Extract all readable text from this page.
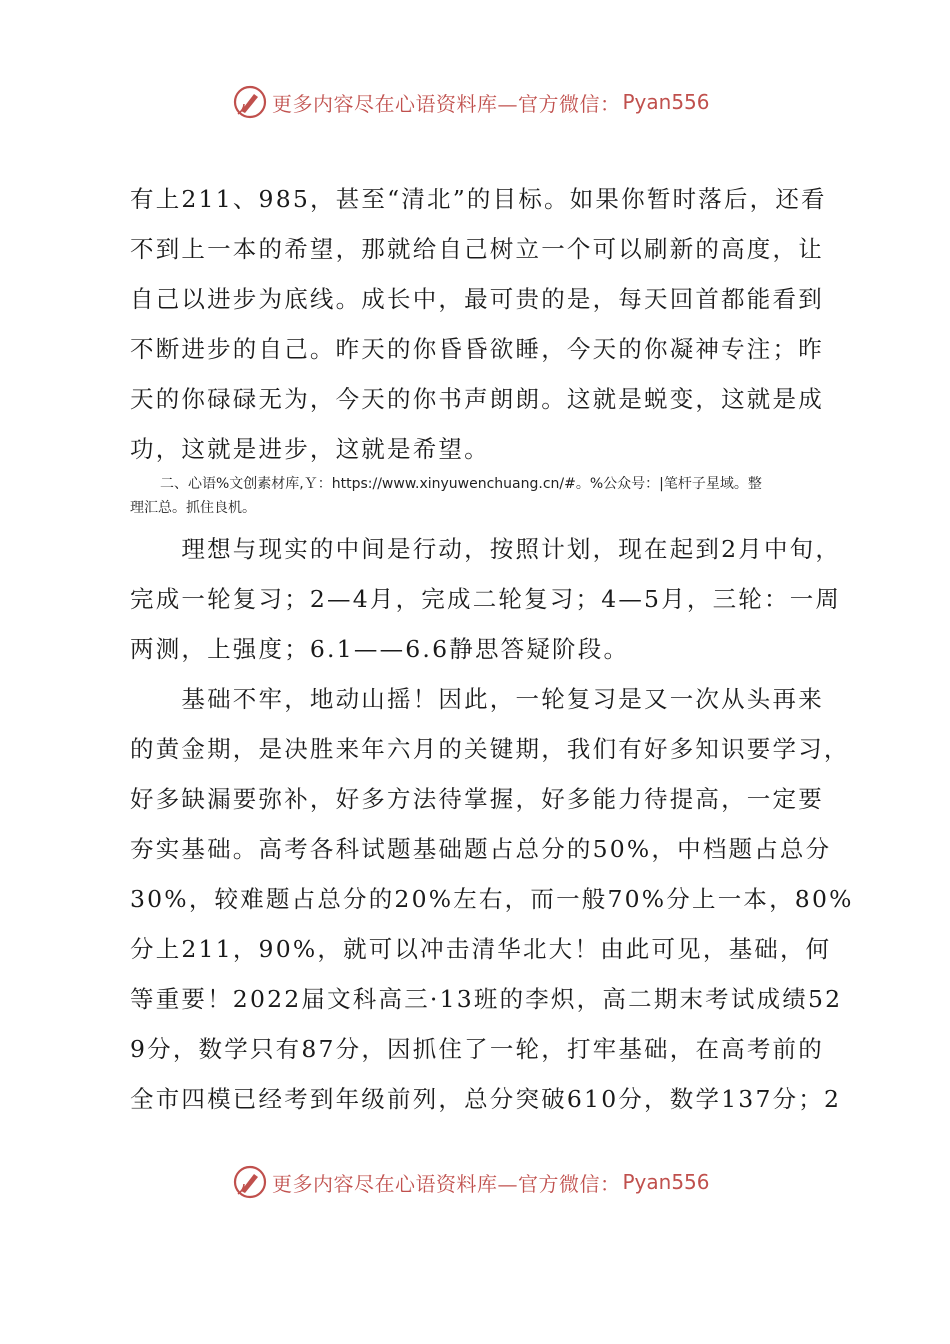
更多内容尽在心语资料库—官方微信： Pyan556
有上211、985，甚至“清北”的目标。如果你暂时落后，还看
不到上一本的希望，那就给自己树立一个可以刷新的高度，让
自己以进步为底线。成长中，最可贵的是，每天回首都能看到
不断进步的自己。昨天的你昏昏欲睡，今天的你凝神专注；昨
天的你碌碌无为，今天的你书声朗朗。这就是蜕变，这就是成
功，这就是进步，这就是希望。
二、心语%文创素材库,Ｙ：https://www.xinyuwenchuang.cn/#。%公众号：|笔杆子星域。整
理汇总。抓住良机。
　　理想与现实的中间是行动，按照计划，现在起到2月中旬，
完成一轮复习；2—4月，完成二轮复习；4—5月，三轮：一周
两测，上强度；6.1——6.6静思答疑阶段。
　　基础不牢，地动山摇！因此，一轮复习是又一次从头再来
的黄金期，是决胜来年六月的关键期，我们有好多知识要学习，
好多缺漏要弥补，好多方法待掌握，好多能力待提高，一定要
夯实基础。高考各科试题基础题占总分的50%，中档题占总分
30%，较难题占总分的20%左右，而一般70%分上一本，80%
分上211，90%，就可以冲击清华北大！由此可见，基础，何
等重要！2022届文科高三·13班的李炽，高二期末考试成绩52
9分，数学只有87分，因抓住了一轮，打牢基础，在高考前的
全市四模已经考到年级前列，总分突破610分，数学137分；2
更多内容尽在心语资料库—官方微信： Pyan556
